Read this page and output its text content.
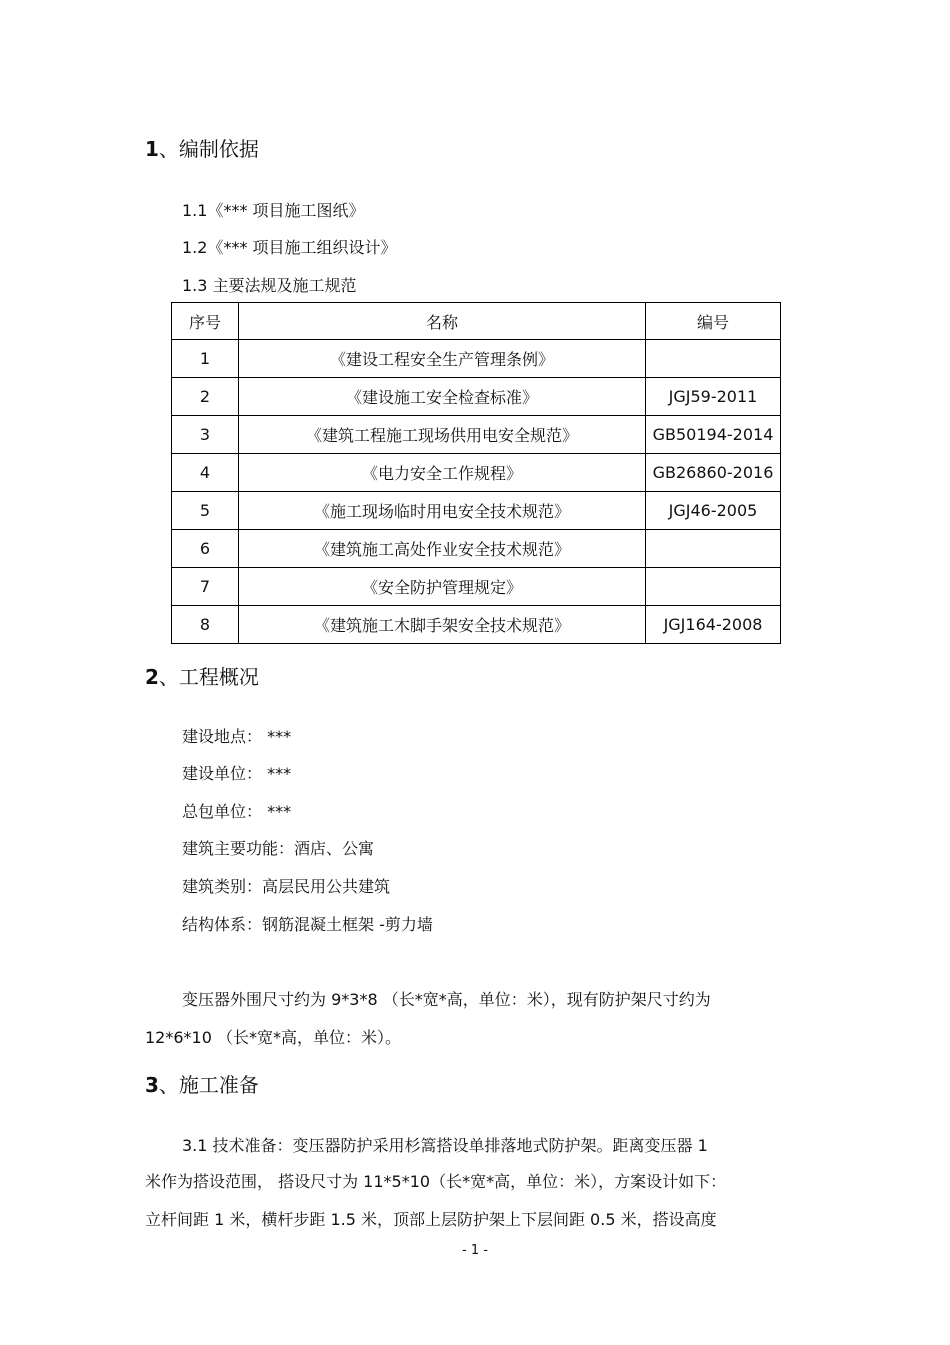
1、编制依据
1.1《*** 项目施工图纸》
1.2《*** 项目施工组织设计》
1.3 主要法规及施工规范
序号	名称	编号
1	《建设工程安全生产管理条例》	
2	《建设施工安全检查标准》	JGJ59-2011
3	《建筑工程施工现场供用电安全规范》	GB50194-2014
4	《电力安全工作规程》	GB26860-2016
5	《施工现场临时用电安全技术规范》	JGJ46-2005
6	《建筑施工高处作业安全技术规范》	
7	《安全防护管理规定》	
8	《建筑施工木脚手架安全技术规范》	JGJ164-2008
2、工程概况
建设地点： ***
建设单位： ***
总包单位： ***
建筑主要功能：酒店、公寓
建筑类别：高层民用公共建筑
结构体系：钢筋混凝土框架 -剪力墙
变压器外围尺寸约为 9*3*8 （长*宽*高，单位：米），现有防护架尺寸约为
12*6*10 （长*宽*高，单位：米）。
3、施工准备
3.1 技术准备：变压器防护采用杉篙搭设单排落地式防护架。距离变压器 1
米作为搭设范围， 搭设尺寸为 11*5*10（长*宽*高，单位：米），方案设计如下：
立杆间距 1 米，横杆步距 1.5 米，顶部上层防护架上下层间距 0.5 米，搭设高度
- 1 -
